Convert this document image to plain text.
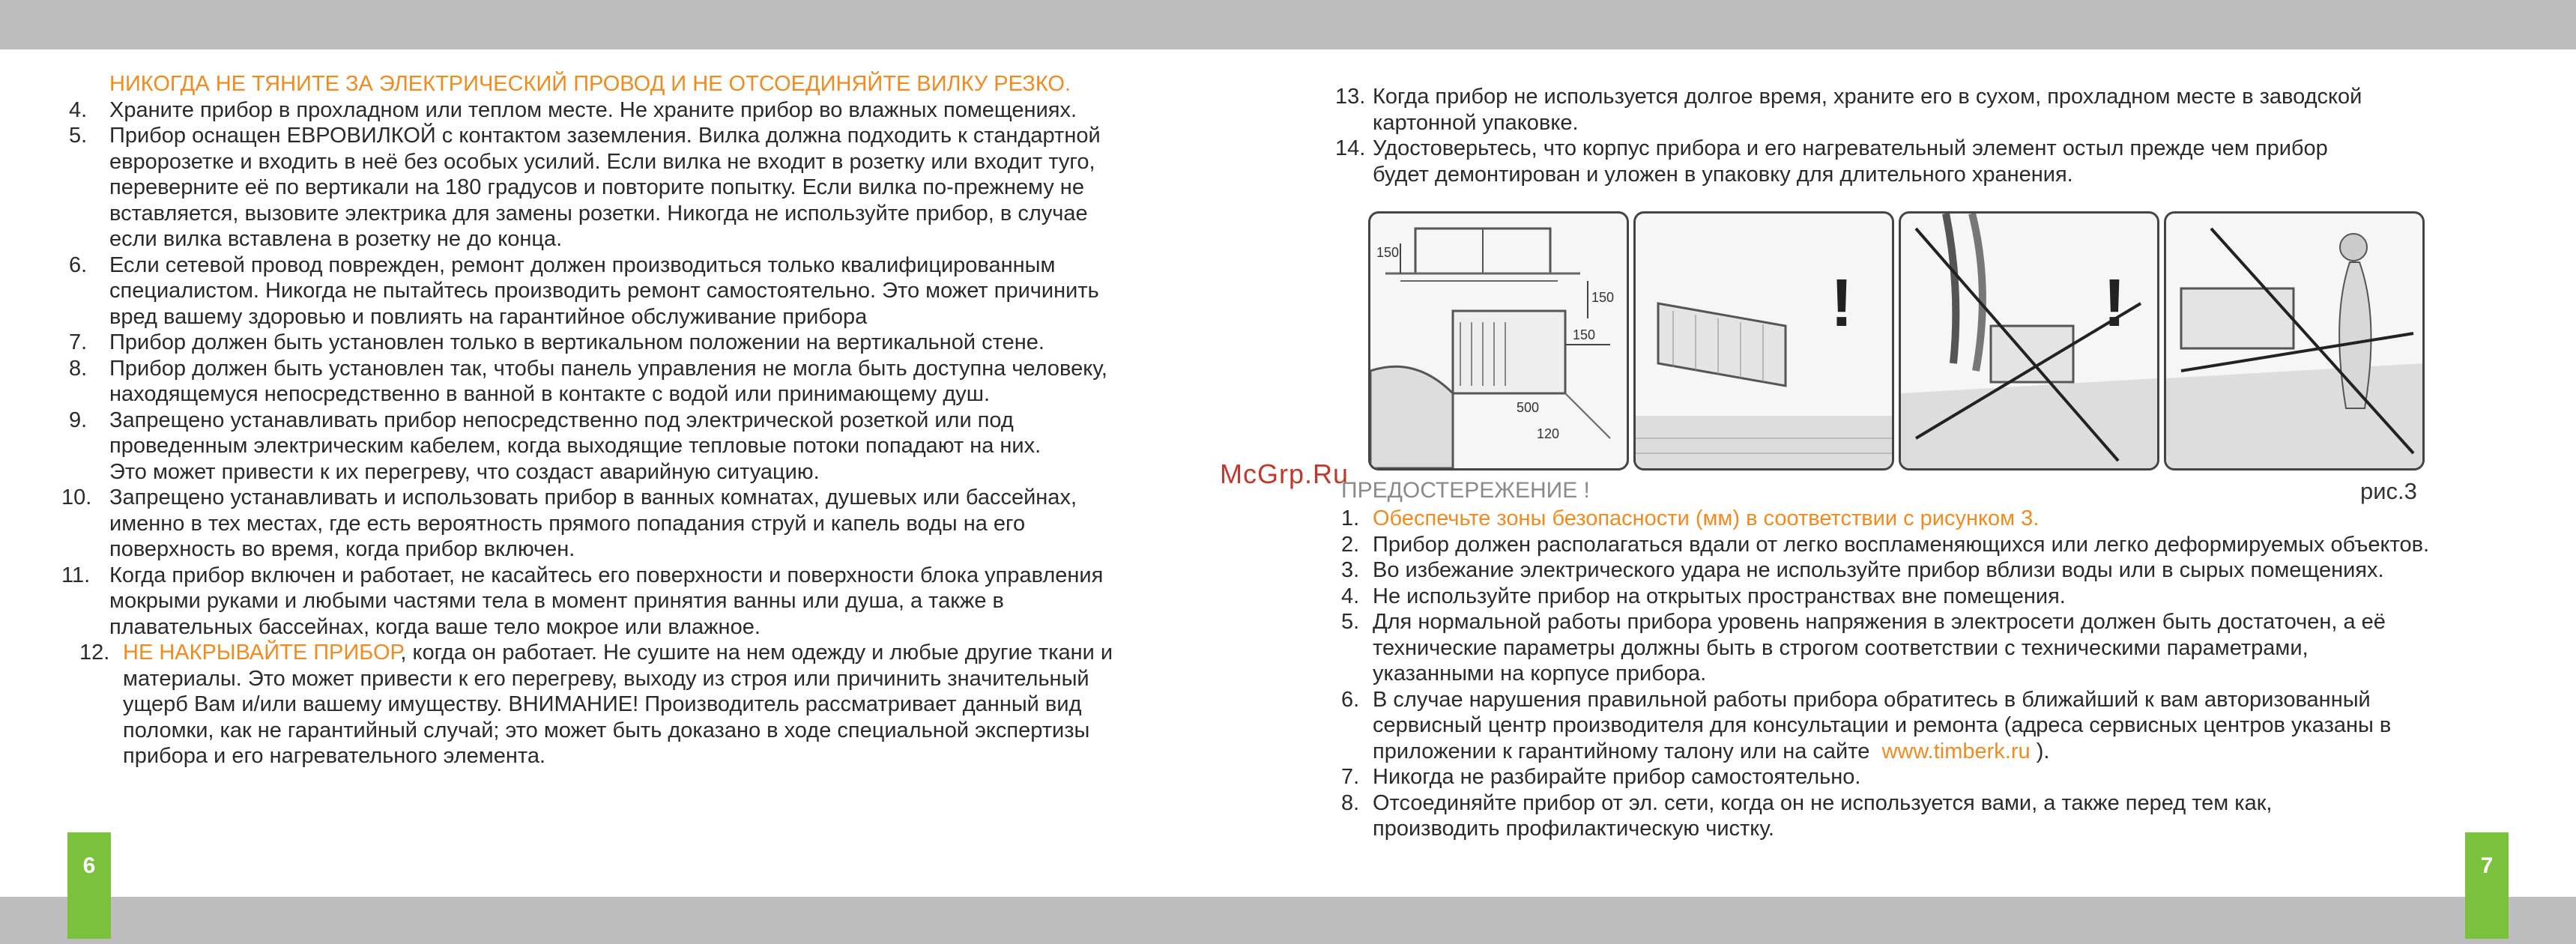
6	7
НИКОГДА НЕ ТЯНИТЕ ЗА ЭЛЕКТРИЧЕСКИЙ ПРОВОД И НЕ ОТСОЕДИНЯЙТЕ ВИЛКУ РЕЗКО.
4. Храните прибор в прохладном или теплом месте. Не храните прибор во влажных помещениях.
5. Прибор оснащен ЕВРОВИЛКОЙ с контактом заземления. Вилка должна подходить к стандартной
евророзетке и входить в неё без особых усилий. Если вилка не входит в розетку или входит туго,
переверните её по вертикали на 180 градусов и повторите попытку. Если вилка по-прежнему не
вставляется, вызовите электрика для замены розетки. Никогда не используйте прибор, в случае
если вилка вставлена в розетку не до конца.
6. Если сетевой провод поврежден, ремонт должен производиться только квалифицированным
специалистом. Никогда не пытайтесь производить ремонт самостоятельно. Это может причинить
вред вашему здоровью и повлиять на гарантийное обслуживание прибора
7. Прибор должен быть установлен только в вертикальном положении на вертикальной стене.
8. Прибор должен быть установлен так, чтобы панель управления не могла быть доступна человеку,
находящемуся непосредственно в ванной в контакте с водой или принимающему душ.
9. Запрещено устанавливать прибор непосредственно под электрической розеткой или под
проведенным электрическим кабелем, когда выходящие тепловые потоки попадают на них.
Это может привести к их перегреву, что создаст аварийную ситуацию.
10. Запрещено устанавливать и использовать прибор в ванных комнатах, душевых или бассейнах,
именно в тех местах, где есть вероятность прямого попадания струй и капель воды на его
поверхность во время, когда прибор включен.
11. Когда прибор включен и работает, не касайтесь его поверхности и поверхности блока управления
мокрыми руками и любыми частями тела в момент принятия ванны или душа, а также в
плавательных бассейнах, когда ваше тело мокрое или влажное.
12. НЕ НАКРЫВАЙТЕ ПРИБОР, когда он работает. Не сушите на нем одежду и любые другие ткани и
материалы. Это может привести к его перегреву, выходу из строя или причинить значительный
ущерб Вам и/или вашему имуществу. ВНИМАНИЕ! Производитель рассматривает данный вид
поломки, как не гарантийный случай; это может быть доказано в ходе специальной экспертизы
прибора и его нагревательного элемента.
13. Когда прибор не используется долгое время, храните его в сухом, прохладном месте в заводской
картонной упаковке.
14. Удостоверьтесь, что корпус прибора и его нагревательный элемент остыл прежде чем прибор
будет демонтирован и уложен в упаковку для длительного хранения.
150
150
150
500
120
!	!
McGrp.Ru
ПРЕДОСТЕРЕЖЕНИЕ !	рис.3
1. Обеспечьте зоны безопасности (мм) в соответствии с рисунком 3.
2. Прибор должен располагаться вдали от легко воспламеняющихся или легко деформируемых объектов.
3. Во избежание электрического удара не используйте прибор вблизи воды или в сырых помещениях.
4. Не используйте прибор на открытых пространствах вне помещения.
5. Для нормальной работы прибора уровень напряжения в электросети должен быть достаточен, а её
технические параметры должны быть в строгом соответствии с техническими параметрами,
указанными на корпусе прибора.
6. В случае нарушения правильной работы прибора обратитесь в ближайший к вам авторизованный
сервисный центр производителя для консультации и ремонта (адреса сервисных центров указаны в
приложении к гарантийному талону или на сайте  www.timberk.ru ).
7. Никогда не разбирайте прибор самостоятельно.
8. Отсоединяйте прибор от эл. сети, когда он не используется вами, а также перед тем как,
производить профилактическую чистку.
